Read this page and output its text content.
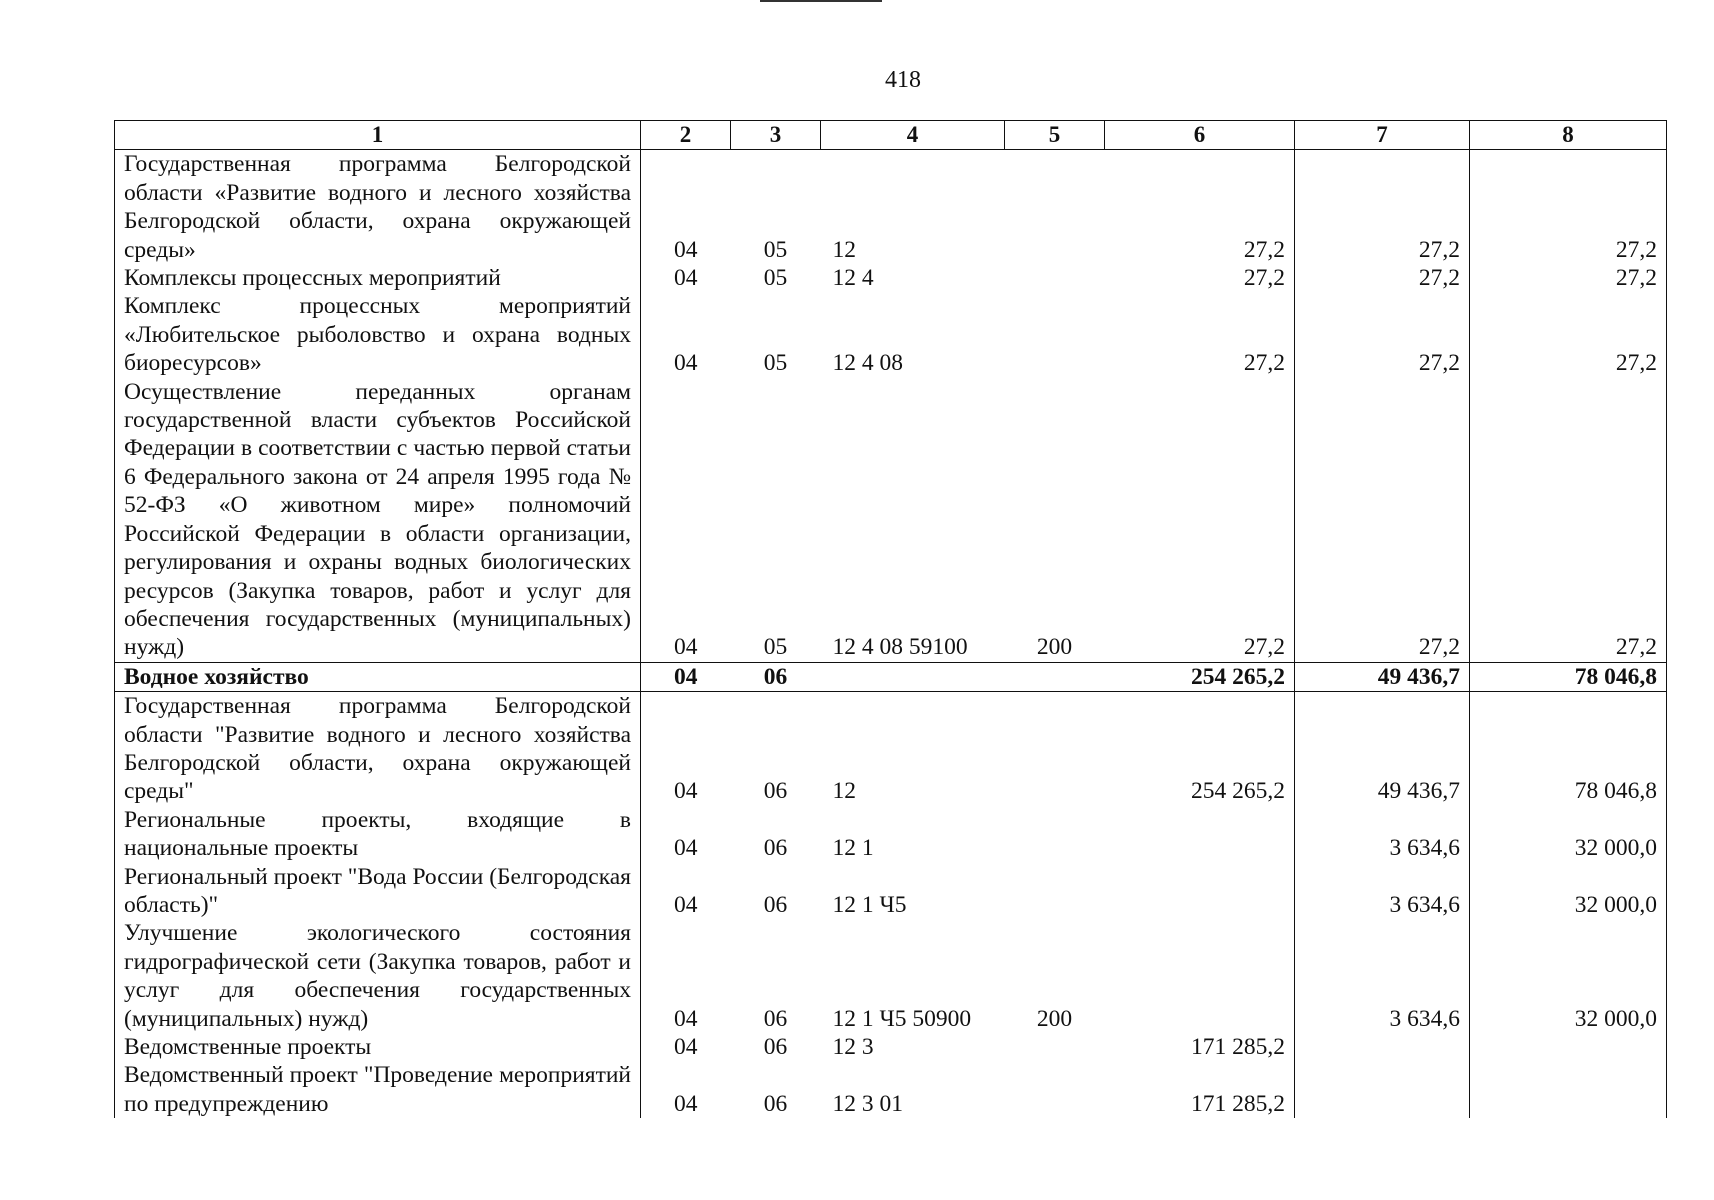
418
1	2	3	4	5	6	7	8
Государственная программа Белгородской области «Развитие водного и лесного хозяйства Белгородской области, охрана окружающей среды»	04	05	12		27,2	27,2	27,2
Комплексы процессных мероприятий	04	05	12 4		27,2	27,2	27,2
Комплекс процессных мероприятий «Любительское рыболовство и охрана водных биоресурсов»	04	05	12 4 08		27,2	27,2	27,2
Осуществление переданных органам государственной власти субъектов Российской Федерации в соответствии с частью первой статьи 6 Федерального закона от 24 апреля 1995 года № 52-ФЗ «О животном мире» полномочий Российской Федерации в области организации, регулирования и охраны водных биологических ресурсов (Закупка товаров, работ и услуг для обеспечения государственных (муниципальных) нужд)	04	05	12 4 08 59100	200	27,2	27,2	27,2
Водное хозяйство	04	06			254 265,2	49 436,7	78 046,8
Государственная программа Белгородской области "Развитие водного и лесного хозяйства Белгородской области, охрана окружающей среды"	04	06	12		254 265,2	49 436,7	78 046,8
Региональные проекты, входящие в национальные проекты	04	06	12 1			3 634,6	32 000,0
Региональный проект "Вода России (Белгородская область)"	04	06	12 1 Ч5			3 634,6	32 000,0
Улучшение экологического состояния гидрографической сети (Закупка товаров, работ и услуг для обеспечения государственных (муниципальных) нужд)	04	06	12 1 Ч5 50900	200		3 634,6	32 000,0
Ведомственные проекты	04	06	12 3		171 285,2		
Ведомственный проект "Проведение мероприятий по предупреждению	04	06	12 3 01		171 285,2		
